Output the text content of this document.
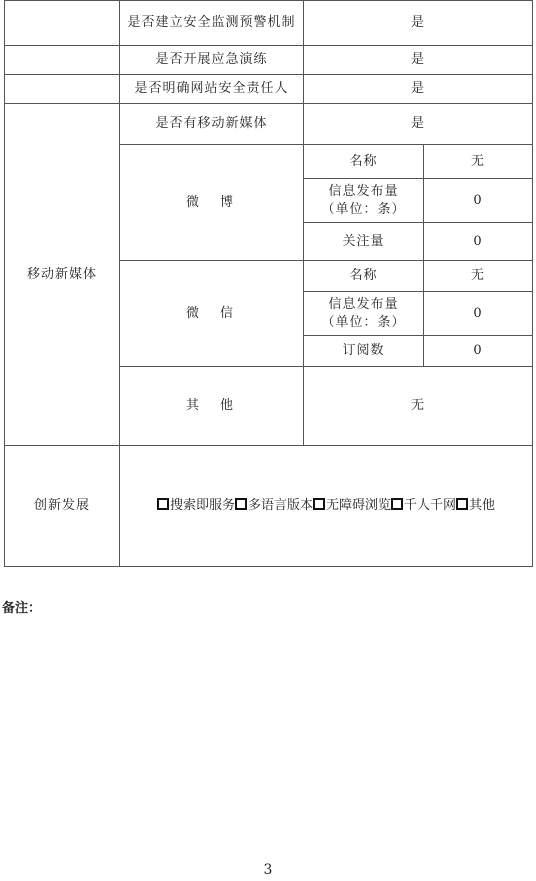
	是否建立安全监测预警机制	是	
	是否开展应急演练	是	
	是否明确网站安全责任人	是	
移动新媒体	是否有移动新媒体	是	
	微　博	名称	无

		信息发布量
（单位：条）	0
		关注量	0
	微　信	名称	无

		信息发布量
（单位：条）	0
		订阅数	0
	其　他	无	
创新发展	搜索即服务 多语言版本 无障碍浏览 千人千网 其他		
备注：
3
